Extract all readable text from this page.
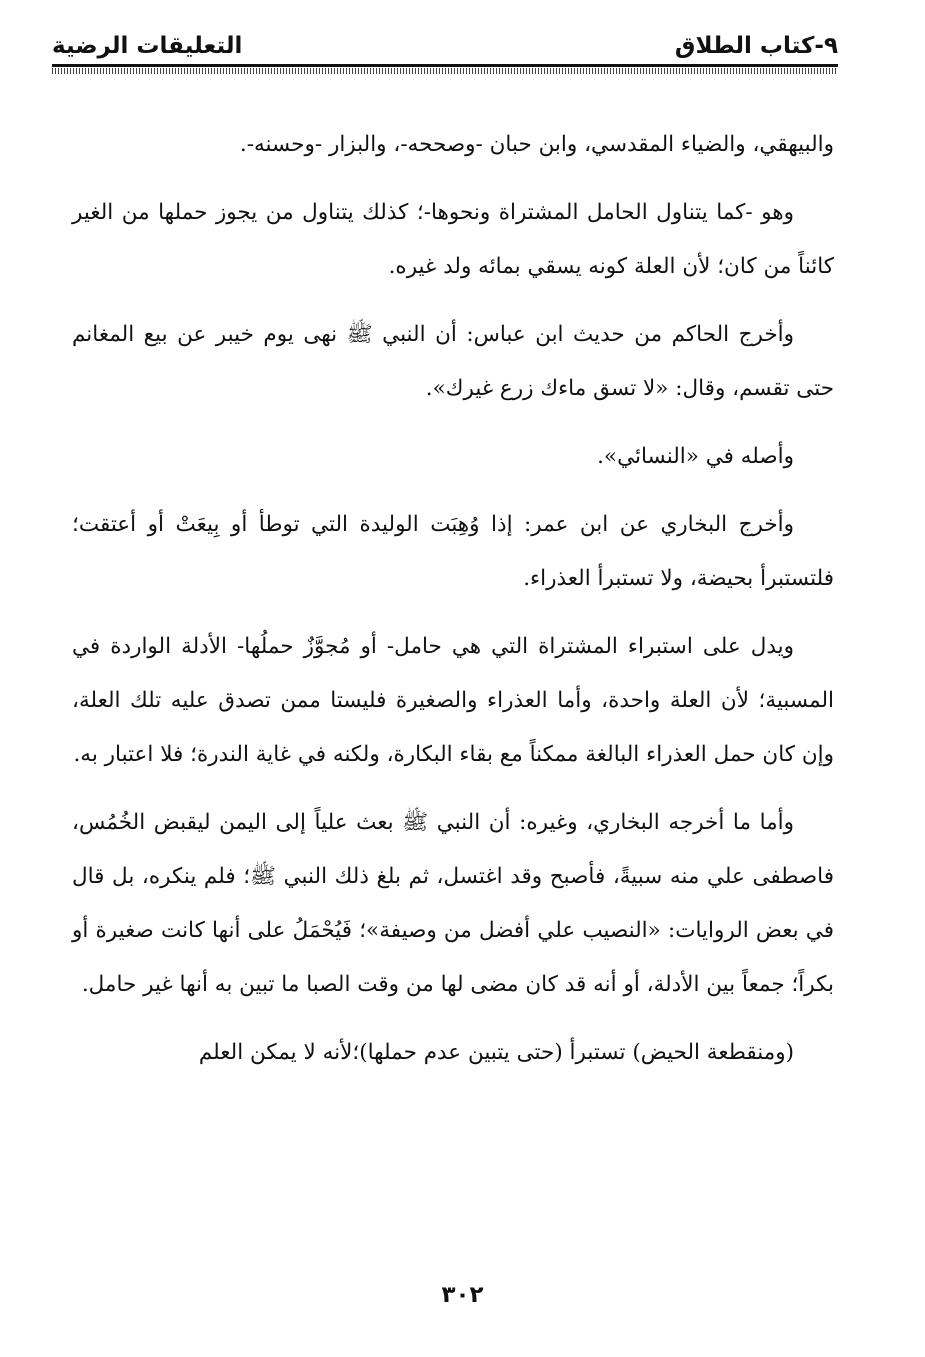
٩-كتاب الطلاق
التعليقات الرضية

والبيهقي، والضياء المقدسي، وابن حبان -وصححه-، والبزار -وحسنه-.

وهو -كما يتناول الحامل المشتراة ونحوها-؛ كذلك يتناول من يجوز حملها من الغير كائناً من كان؛ لأن العلة كونه يسقي بمائه ولد غيره.

وأخرج الحاكم من حديث ابن عباس: أن النبي ﷺ نهى يوم خيبر عن بيع المغانم حتى تقسم، وقال: «لا تسق ماءك زرع غيرك».

وأصله في «النسائي».

وأخرج البخاري عن ابن عمر: إذا وُهِبَت الوليدة التي توطأ أو بِيعَتْ أو أعتقت؛ فلتستبرأ بحيضة، ولا تستبرأ العذراء.

ويدل على استبراء المشتراة التي هي حامل- أو مُجوَّزٌ حملُها- الأدلة الواردة في المسبية؛ لأن العلة واحدة، وأما العذراء والصغيرة فليستا ممن تصدق عليه تلك العلة، وإن كان حمل العذراء البالغة ممكناً مع بقاء البكارة، ولكنه في غاية الندرة؛ فلا اعتبار به.

وأما ما أخرجه البخاري، وغيره: أن النبي ﷺ بعث علياً إلى اليمن ليقبض الخُمُس، فاصطفى علي منه سبيةً، فأصبح وقد اغتسل، ثم بلغ ذلك النبي ﷺ؛ فلم ينكره، بل قال في بعض الروايات: «النصيب علي أفضل من وصيفة»؛ فَيُحْمَلُ على أنها كانت صغيرة أو بكراً؛ جمعاً بين الأدلة، أو أنه قد كان مضى لها من وقت الصبا ما تبين به أنها غير حامل.

(ومنقطعة الحيض) تستبرأ (حتى يتبين عدم حملها)؛لأنه لا يمكن العلم

٣٠٢
